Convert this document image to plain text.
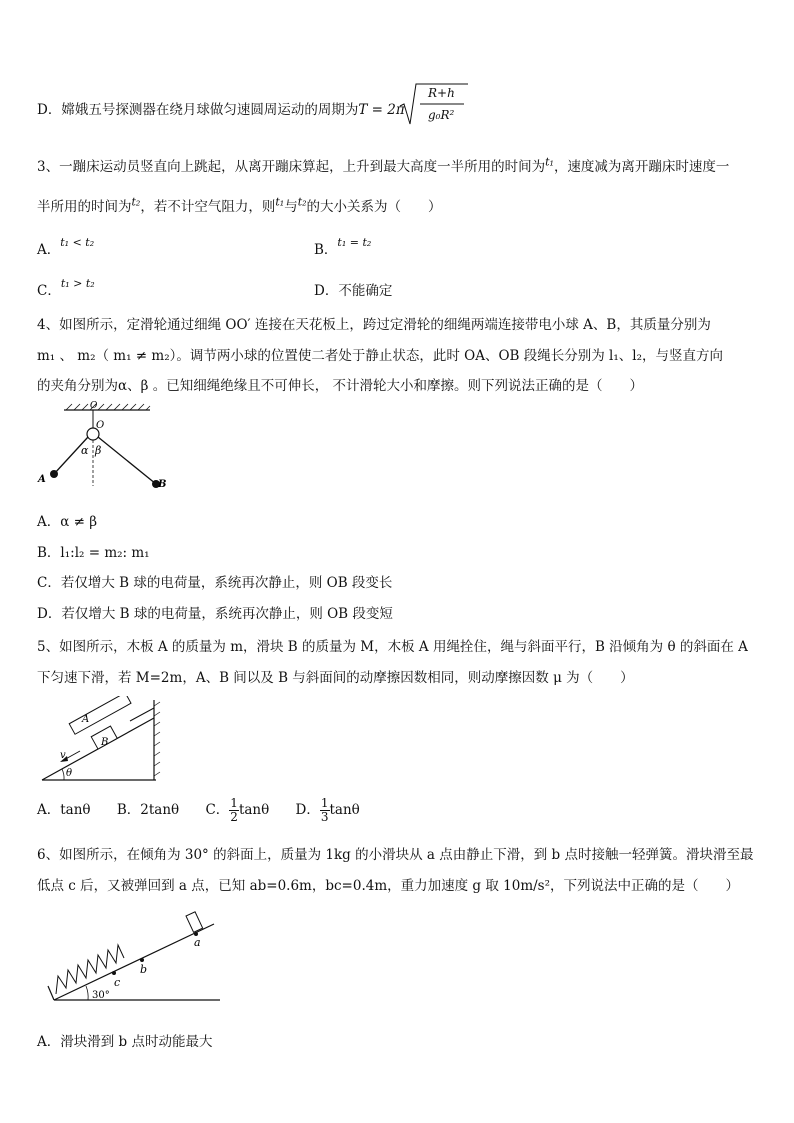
D．嫦娥五号探测器在绕月球做匀速圆周运动的周期为T = 2π
R+h
g₀R²
3、一蹦床运动员竖直向上跳起，从离开蹦床算起，上升到最大高度一半所用的时间为$^{t_1}$，速度减为离开蹦床时速度一
半所用的时间为$^{t_2}$，若不计空气阻力，则$^{t_1}$与$^{t_2}$的大小关系为（　　）
A．$^{t_1 < t_2}$	B．$^{t_1 = t_2}$
C．$^{t_1 > t_2}$	D．不能确定
4、如图所示，定滑轮通过细绳 OO′ 连接在天花板上，跨过定滑轮的细绳两端连接带电小球 A、B，其质量分别为
m₁ 、 m₂（ m₁ ≠ m₂）。调节两小球的位置使二者处于静止状态，此时 OA、OB 段绳长分别为 l₁、l₂，与竖直方向
的夹角分别为α、β 。已知细绳绝缘且不可伸长， 不计滑轮大小和摩擦。则下列说法正确的是（　　）
O
O
α β
A	B
A．α ≠ β
B．l₁:l₂ = m₂: m₁
C．若仅增大 B 球的电荷量，系统再次静止，则 OB 段变长
D．若仅增大 B 球的电荷量，系统再次静止，则 OB 段变短
5、如图所示，木板 A 的质量为 m，滑块 B 的质量为 M，木板 A 用绳拴住，绳与斜面平行，B 沿倾角为 θ 的斜面在 A
下匀速下滑，若 M=2m，A、B 间以及 B 与斜面间的动摩擦因数相同，则动摩擦因数 μ 为（　　）
A
B
v
θ
A．tanθ B．2tanθ C． $\frac{1}{2}$ tanθ D． $\frac{1}{3}$ tanθ
6、如图所示，在倾角为 30° 的斜面上，质量为 1kg 的小滑块从 a 点由静止下滑，到 b 点时接触一轻弹簧。滑块滑至最
低点 c 后，又被弹回到 a 点，已知 ab=0.6m，bc=0.4m，重力加速度 g 取 10m/s²，下列说法中正确的是（　　）
c
b
a
30°
A．滑块滑到 b 点时动能最大
